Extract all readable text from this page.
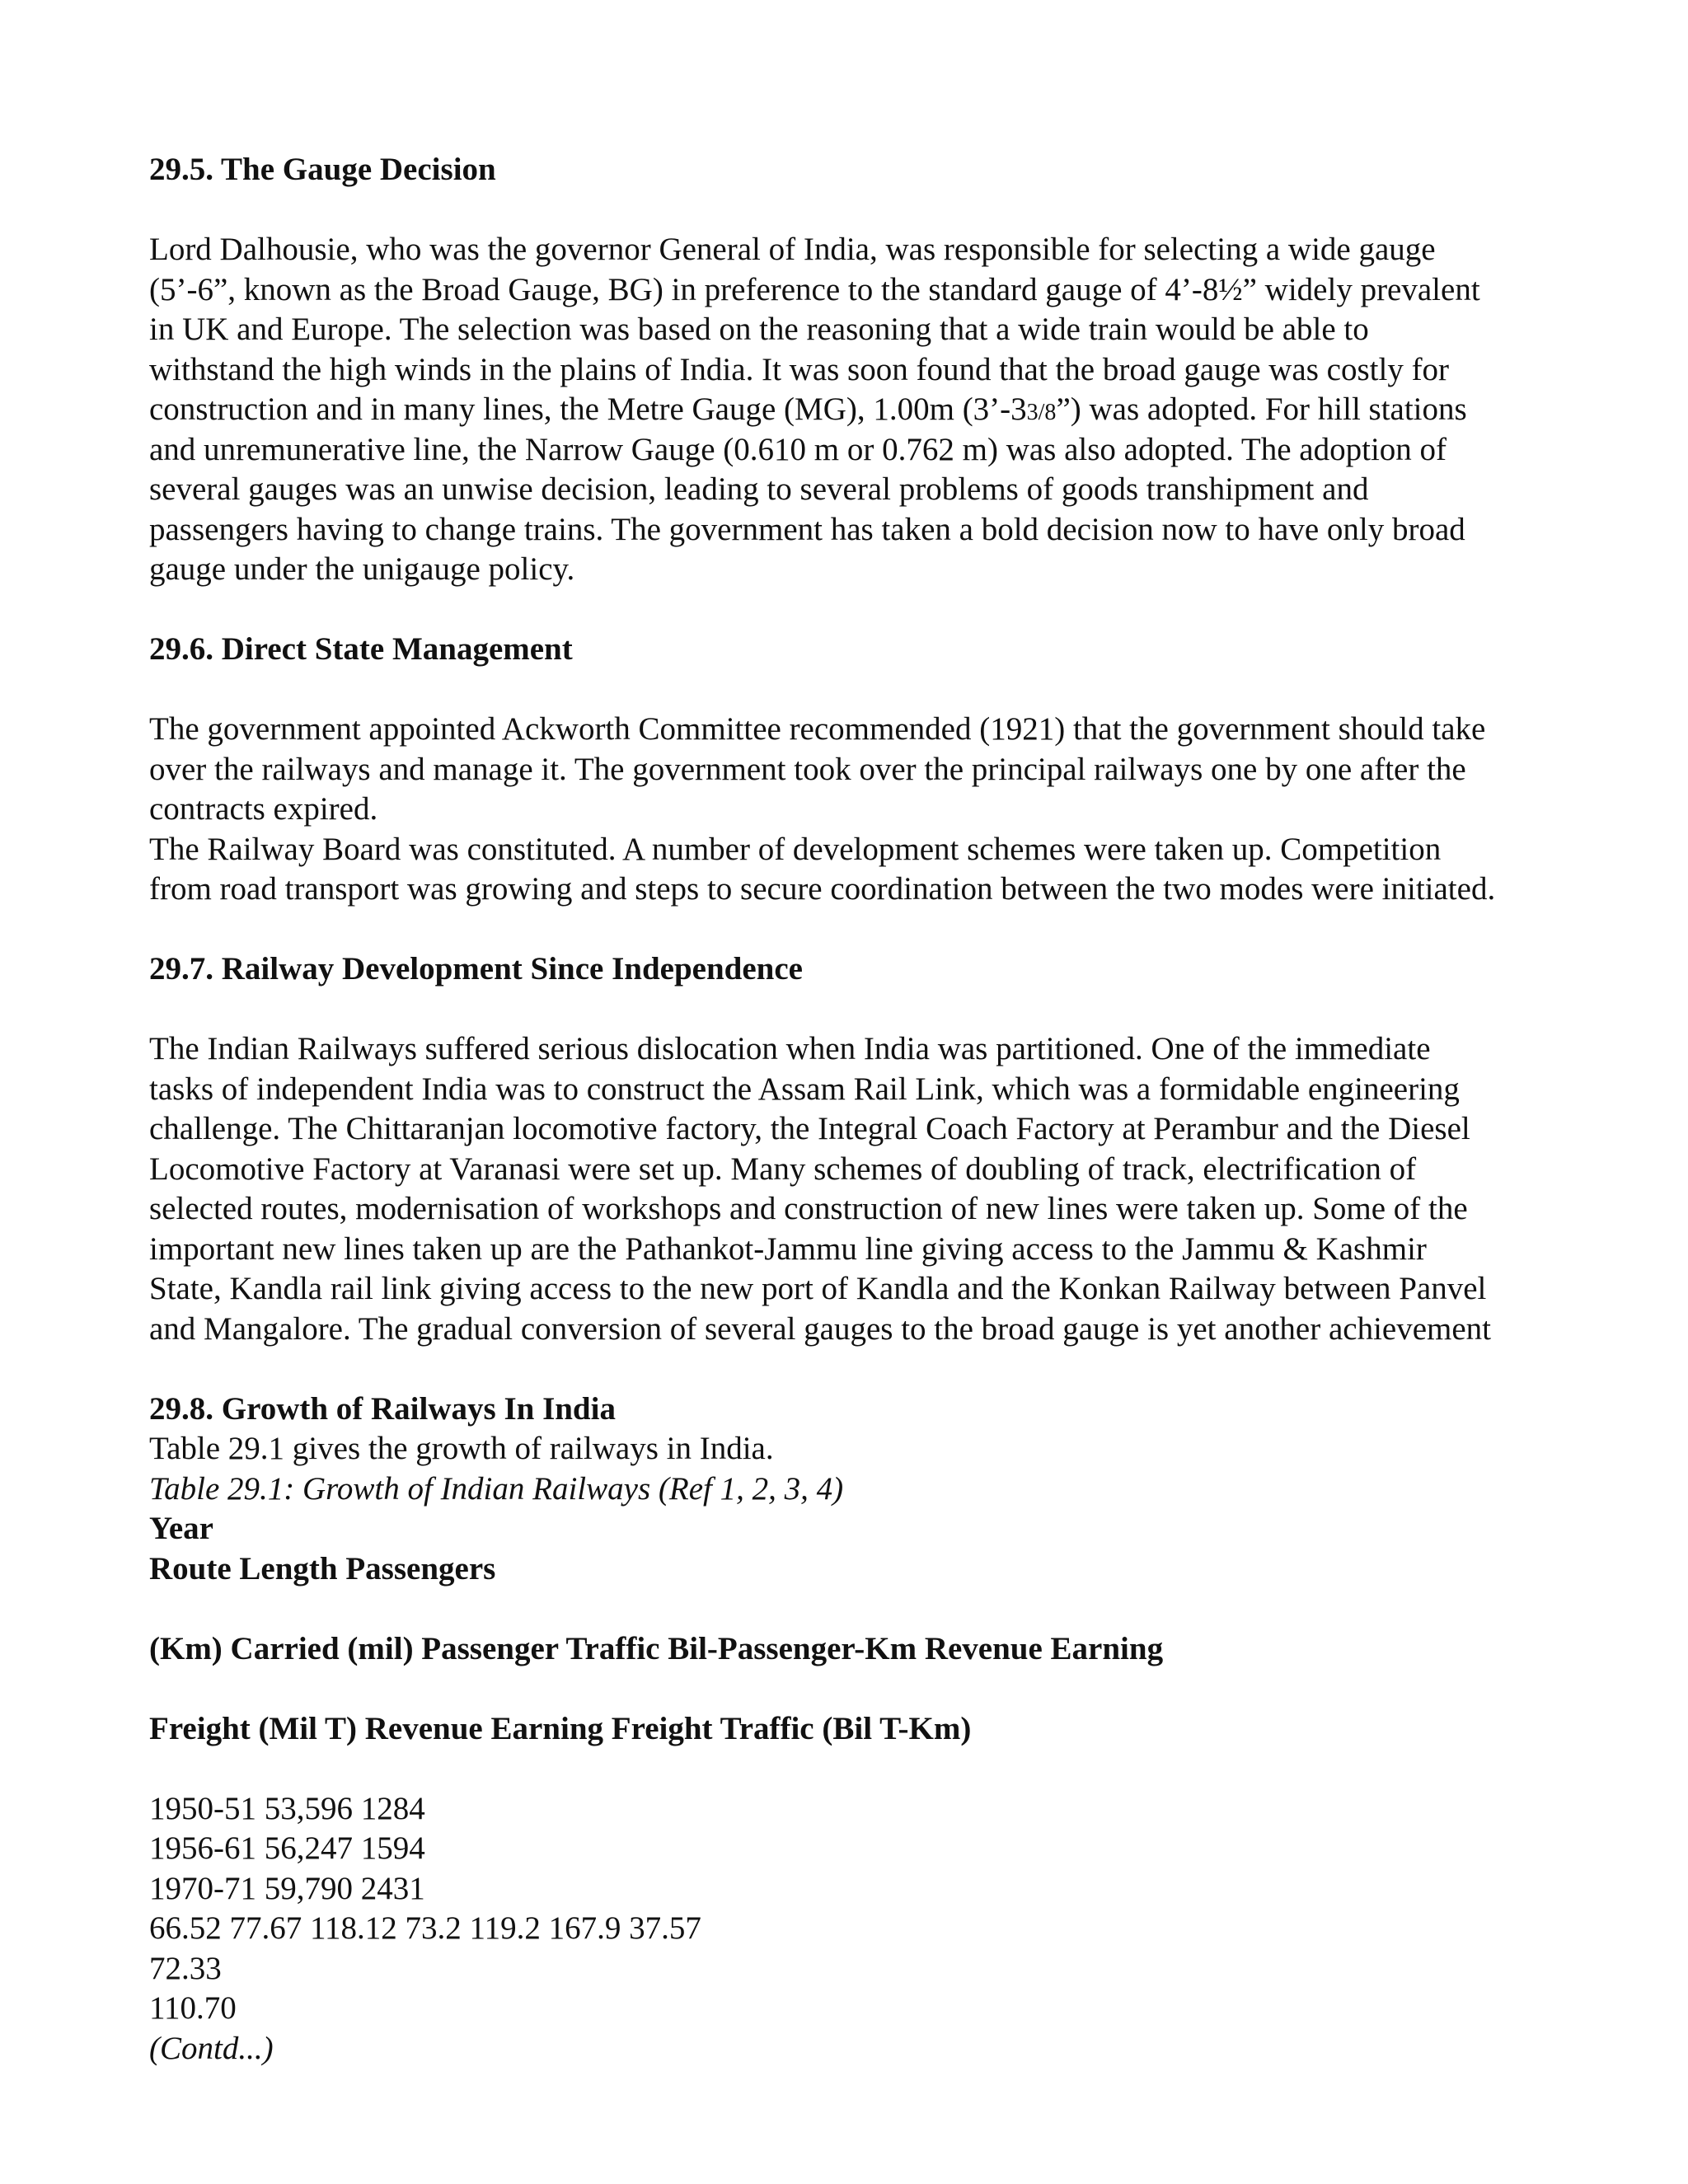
29.5. The Gauge Decision
Lord Dalhousie, who was the governor General of India, was responsible for selecting a wide gauge
(5’-6”, known as the Broad Gauge, BG) in preference to the standard gauge of 4’-8½” widely prevalent
in UK and Europe. The selection was based on the reasoning that a wide train would be able to
withstand the high winds in the plains of India. It was soon found that the broad gauge was costly for
construction and in many lines, the Metre Gauge (MG), 1.00m (3’-33/8”) was adopted. For hill stations
and unremunerative line, the Narrow Gauge (0.610 m or 0.762 m) was also adopted. The adoption of
several gauges was an unwise decision, leading to several problems of goods transhipment and
passengers having to change trains. The government has taken a bold decision now to have only broad
gauge under the unigauge policy.
29.6. Direct State Management
The government appointed Ackworth Committee recommended (1921) that the government should take
over the railways and manage it. The government took over the principal railways one by one after the
contracts expired.
The Railway Board was constituted. A number of development schemes were taken up. Competition
from road transport was growing and steps to secure coordination between the two modes were initiated.
29.7. Railway Development Since Independence
The Indian Railways suffered serious dislocation when India was partitioned. One of the immediate
tasks of independent India was to construct the Assam Rail Link, which was a formidable engineering
challenge. The Chittaranjan locomotive factory, the Integral Coach Factory at Perambur and the Diesel
Locomotive Factory at Varanasi were set up. Many schemes of doubling of track, electrification of
selected routes, modernisation of workshops and construction of new lines were taken up. Some of the
important new lines taken up are the Pathankot-Jammu line giving access to the Jammu & Kashmir
State, Kandla rail link giving access to the new port of Kandla and the Konkan Railway between Panvel
and Mangalore. The gradual conversion of several gauges to the broad gauge is yet another achievement
29.8. Growth of Railways In India
Table 29.1 gives the growth of railways in India.
Table 29.1: Growth of Indian Railways (Ref 1, 2, 3, 4)
Year
Route Length Passengers
(Km) Carried (mil) Passenger Traffic Bil-Passenger-Km Revenue Earning
Freight (Mil T) Revenue Earning Freight Traffic (Bil T-Km)
1950-51 53,596 1284
1956-61 56,247 1594
1970-71 59,790 2431
66.52 77.67 118.12 73.2 119.2 167.9 37.57
72.33
110.70
(Contd...)
